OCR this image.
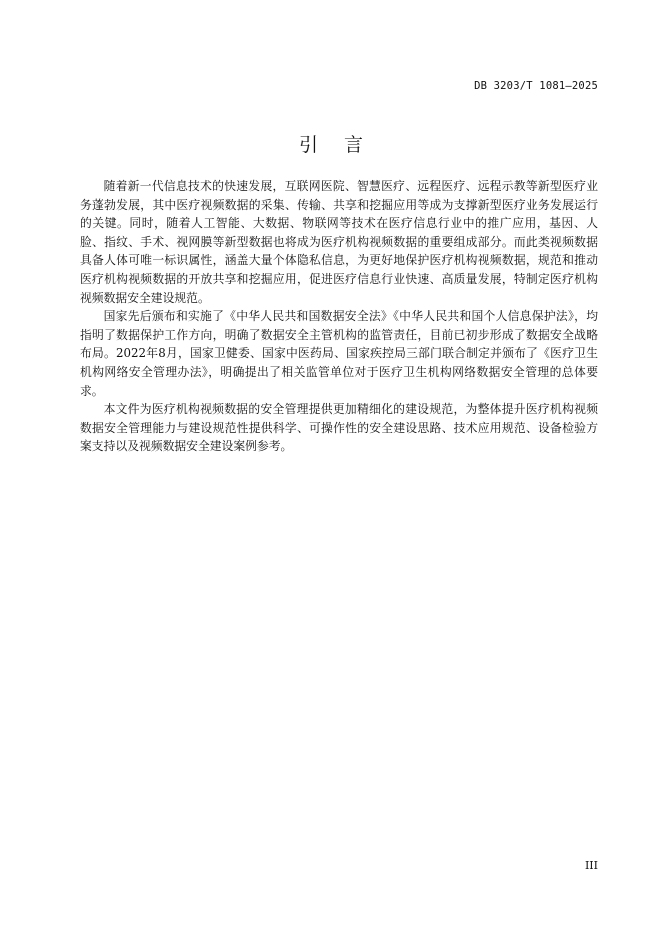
DB 3203/T 1081—2025
引言

随着新一代信息技术的快速发展，互联网医院、智慧医疗、远程医疗、远程示教等新型医疗业务蓬勃发展，其中医疗视频数据的采集、传输、共享和挖掘应用等成为支撑新型医疗业务发展运行的关键。同时，随着人工智能、大数据、物联网等技术在医疗信息行业中的推广应用，基因、人脸、指纹、手术、视网膜等新型数据也将成为医疗机构视频数据的重要组成部分。而此类视频数据具备人体可唯一标识属性，涵盖大量个体隐私信息，为更好地保护医疗机构视频数据，规范和推动医疗机构视频数据的开放共享和挖掘应用，促进医疗信息行业快速、高质量发展，特制定医疗机构视频数据安全建设规范。

国家先后颁布和实施了《中华人民共和国数据安全法》《中华人民共和国个人信息保护法》，均指明了数据保护工作方向，明确了数据安全主管机构的监管责任，目前已初步形成了数据安全战略布局。2022年8月，国家卫健委、国家中医药局、国家疾控局三部门联合制定并颁布了《医疗卫生机构网络安全管理办法》，明确提出了相关监管单位对于医疗卫生机构网络数据安全管理的总体要求。

本文件为医疗机构视频数据的安全管理提供更加精细化的建设规范，为整体提升医疗机构视频数据安全管理能力与建设规范性提供科学、可操作性的安全建设思路、技术应用规范、设备检验方案支持以及视频数据安全建设案例参考。

III
